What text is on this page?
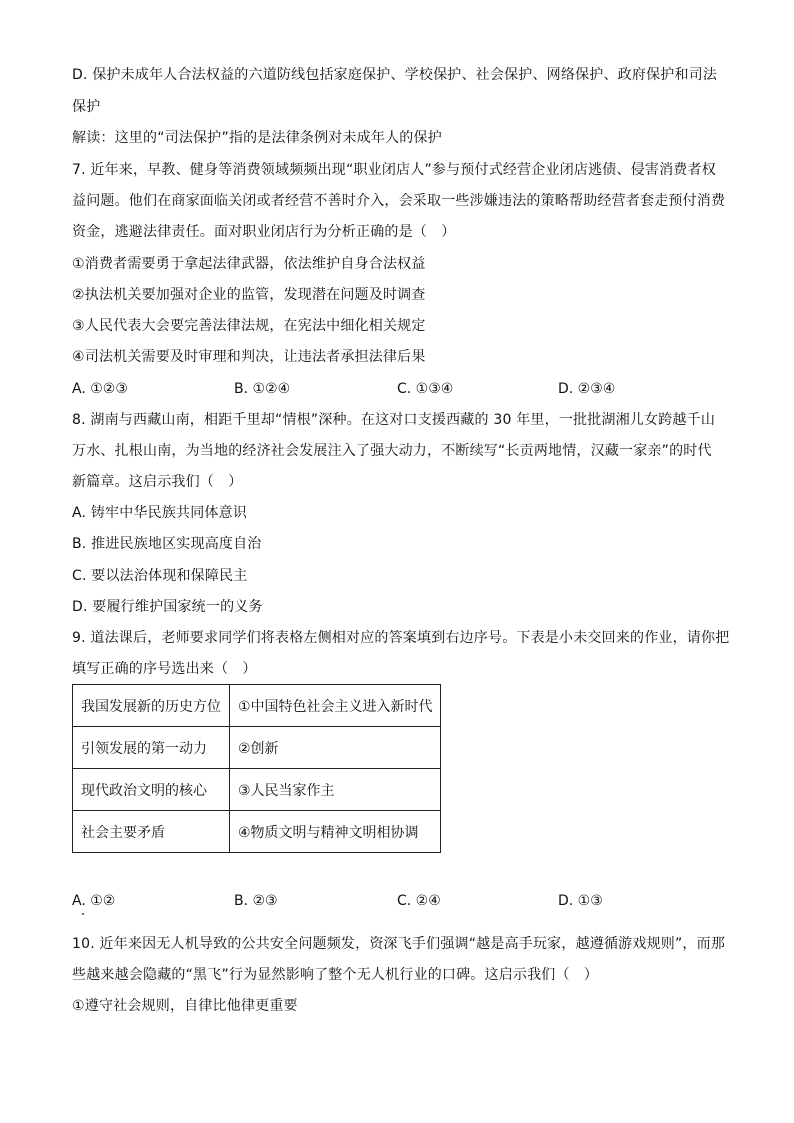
D. 保护未成年人合法权益的六道防线包括家庭保护、学校保护、社会保护、网络保护、政府保护和司法
保护
解读：这里的“司法保护”指的是法律条例对未成年人的保护
7. 近年来，早教、健身等消费领域频频出现“职业闭店人”参与预付式经营企业闭店逃债、侵害消费者权
益问题。他们在商家面临关闭或者经营不善时介入，会采取一些涉嫌违法的策略帮助经营者套走预付消费
资金，逃避法律责任。面对职业闭店行为分析正确的是（　）
①消费者需要勇于拿起法律武器，依法维护自身合法权益
②执法机关要加强对企业的监管，发现潜在问题及时调查
③人民代表大会要完善法律法规，在宪法中细化相关规定
④司法机关需要及时审理和判决，让违法者承担法律后果
A. ①②③	B. ①②④	C. ①③④	D. ②③④
8. 湖南与西藏山南，相距千里却“情根”深种。在这对口支援西藏的 30 年里，一批批湖湘儿女跨越千山
万水、扎根山南，为当地的经济社会发展注入了强大动力，不断续写“长贡两地情，汉藏一家亲”的时代
新篇章。这启示我们（　）
A. 铸牢中华民族共同体意识
B. 推进民族地区实现高度自治
C. 要以法治体现和保障民主
D. 要履行维护国家统一的义务
9. 道法课后，老师要求同学们将表格左侧相对应的答案填到右边序号。下表是小未交回来的作业，请你把
填写正确的序号选出来（　）
我国发展新的历史方位	①中国特色社会主义进入新时代
引领发展的第一动力	②创新
现代政治文明的核心	③人民当家作主
社会主要矛盾	④物质文明与精神文明相协调
A. ①②	B. ②③	C. ②④	D. ①③
10. 近年来因无人机导致的公共安全问题频发，资深飞手们强调“越是高手玩家，越遵循游戏规则”，而那
些越来越会隐藏的“黑飞”行为显然影响了整个无人机行业的口碑。这启示我们（　）
①遵守社会规则，自律比他律更重要
